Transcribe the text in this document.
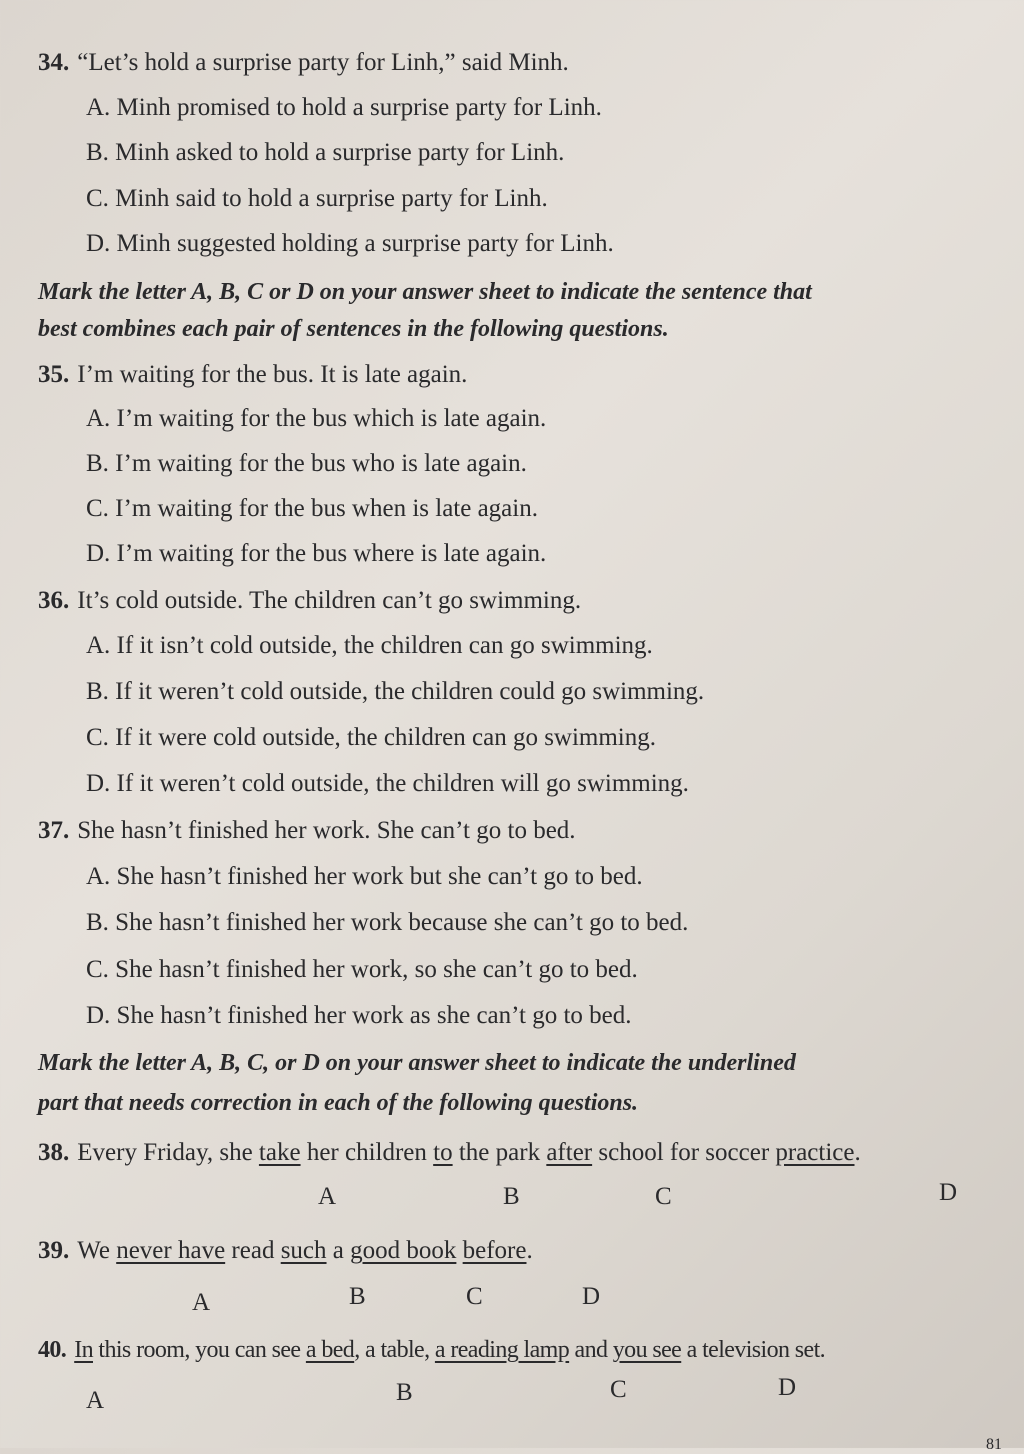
34. “Let’s hold a surprise party for Linh,” said Minh.
A. Minh promised to hold a surprise party for Linh.
B. Minh asked to hold a surprise party for Linh.
C. Minh said to hold a surprise party for Linh.
D. Minh suggested holding a surprise party for Linh.
Mark the letter A, B, C or D on your answer sheet to indicate the sentence that
best combines each pair of sentences in the following questions.
35. I’m waiting for the bus. It is late again.
A. I’m waiting for the bus which is late again.
B. I’m waiting for the bus who is late again.
C. I’m waiting for the bus when is late again.
D. I’m waiting for the bus where is late again.
36. It’s cold outside. The children can’t go swimming.
A. If it isn’t cold outside, the children can go swimming.
B. If it weren’t cold outside, the children could go swimming.
C. If it were cold outside, the children can go swimming.
D. If it weren’t cold outside, the children will go swimming.
37. She hasn’t finished her work. She can’t go to bed.
A. She hasn’t finished her work but she can’t go to bed.
B. She hasn’t finished her work because she can’t go to bed.
C. She hasn’t finished her work, so she can’t go to bed.
D. She hasn’t finished her work as she can’t go to bed.
Mark the letter A, B, C, or D on your answer sheet to indicate the underlined
part that needs correction in each of the following questions.
38. Every Friday, she take her children to the park after school for soccer practice.
A	B	C	D
39. We never have read such a good book before.
A	B	C	D
40. In this room, you can see a bed, a table, a reading lamp and you see a television set.
A	B	C	D
81
